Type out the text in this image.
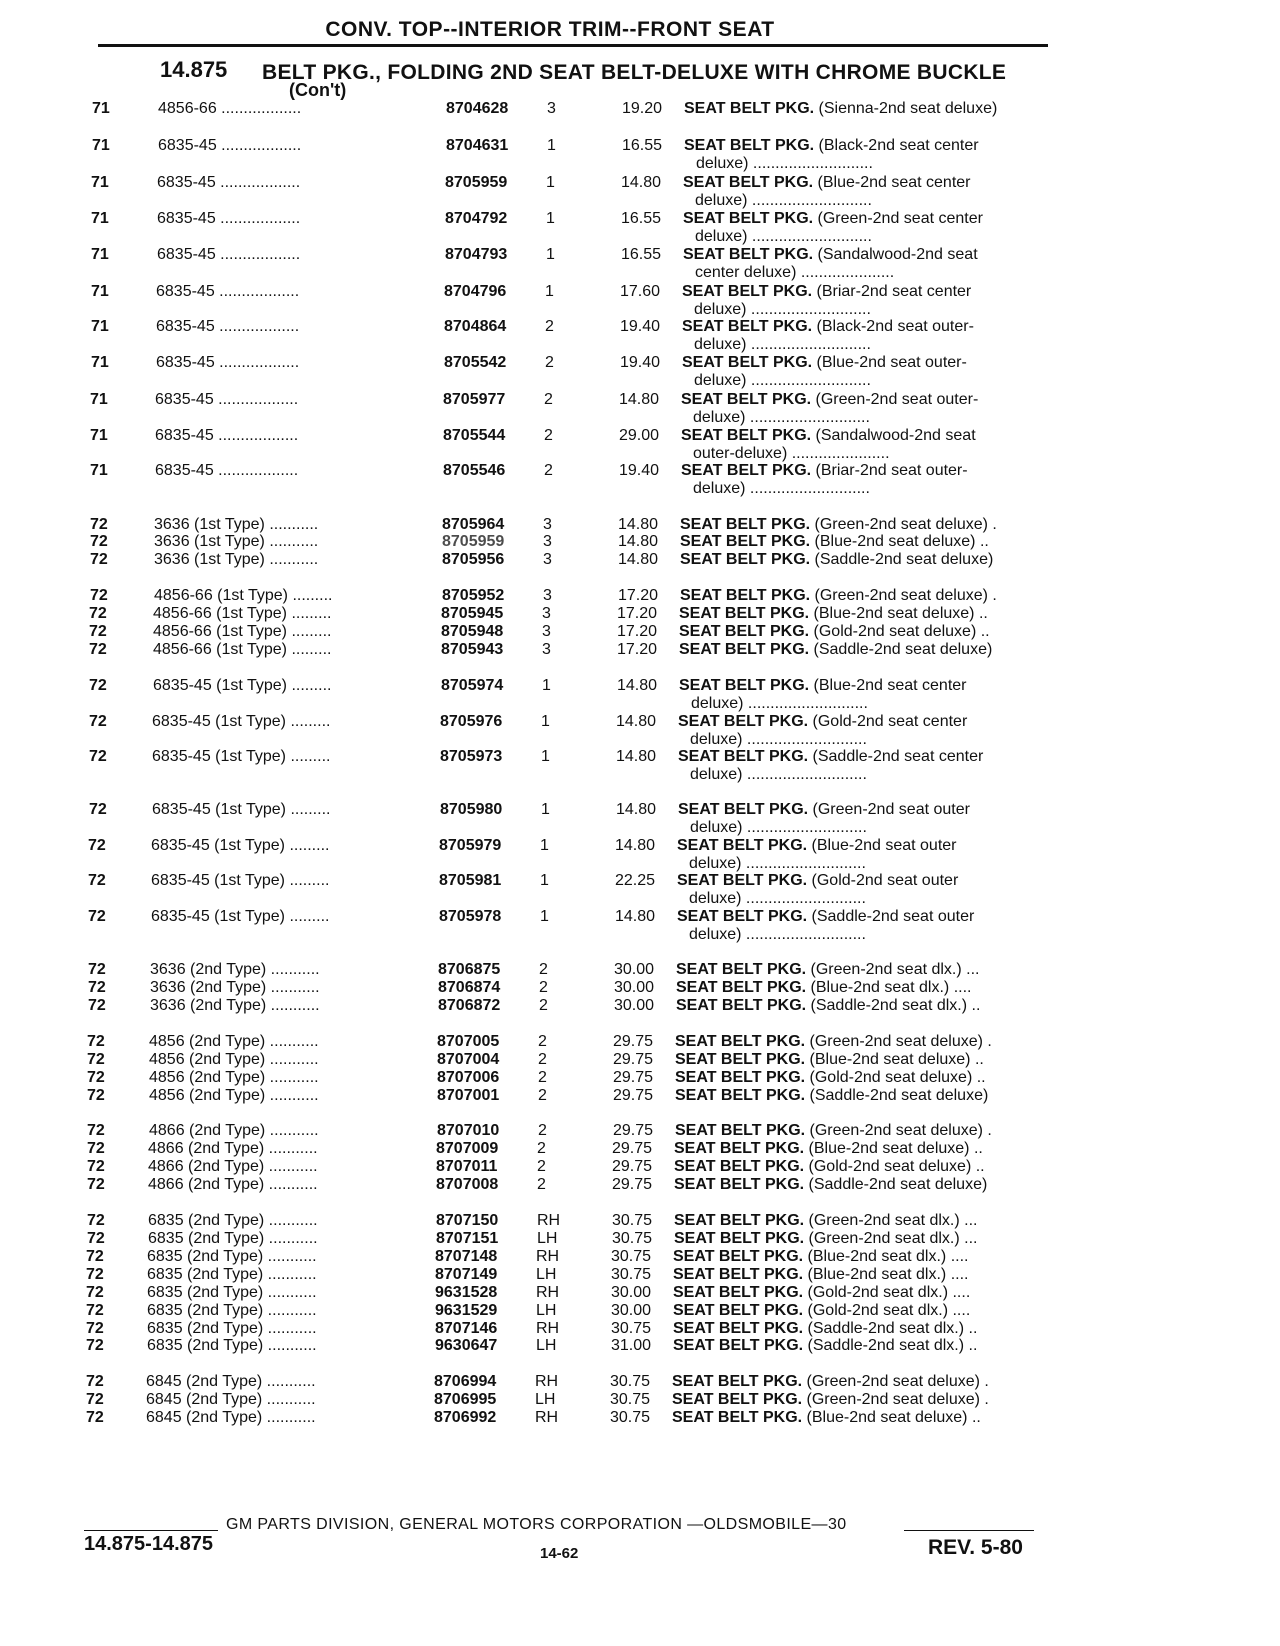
CONV. TOP--INTERIOR TRIM--FRONT SEAT
14.875 BELT PKG., FOLDING 2ND SEAT BELT-DELUXE WITH CHROME BUCKLE
(Con't)
71	4856-66 ..................	8704628 3	19.20 SEAT BELT PKG. (Sienna-2nd seat deluxe)
71	6835-45 ..................	8704631 1	16.55 SEAT BELT PKG. (Black-2nd seat center
deluxe) ...........................
71	6835-45 ..................	8705959 1	14.80 SEAT BELT PKG. (Blue-2nd seat center
deluxe) ...........................
71	6835-45 ..................	8704792 1	16.55 SEAT BELT PKG. (Green-2nd seat center
deluxe) ...........................
71	6835-45 ..................	8704793 1	16.55 SEAT BELT PKG. (Sandalwood-2nd seat
center deluxe) .....................
71	6835-45 ..................	8704796 1	17.60 SEAT BELT PKG. (Briar-2nd seat center
deluxe) ...........................
71	6835-45 ..................	8704864 2	19.40 SEAT BELT PKG. (Black-2nd seat outer-
deluxe) ...........................
71	6835-45 ..................	8705542 2	19.40 SEAT BELT PKG. (Blue-2nd seat outer-
deluxe) ...........................
71	6835-45 ..................	8705977 2	14.80 SEAT BELT PKG. (Green-2nd seat outer-
deluxe) ...........................
71	6835-45 ..................	8705544 2	29.00 SEAT BELT PKG. (Sandalwood-2nd seat
outer-deluxe) ......................
71	6835-45 ..................	8705546 2	19.40 SEAT BELT PKG. (Briar-2nd seat outer-
deluxe) ...........................
72	3636 (1st Type) ...........	8705964 3	14.80 SEAT BELT PKG. (Green-2nd seat deluxe) .
72	3636 (1st Type) ...........	8705959 3	14.80 SEAT BELT PKG. (Blue-2nd seat deluxe) ..
72	3636 (1st Type) ...........	8705956 3	14.80 SEAT BELT PKG. (Saddle-2nd seat deluxe)
72	4856-66 (1st Type) .........	8705952 3	17.20 SEAT BELT PKG. (Green-2nd seat deluxe) .
72	4856-66 (1st Type) .........	8705945 3	17.20 SEAT BELT PKG. (Blue-2nd seat deluxe) ..
72	4856-66 (1st Type) .........	8705948 3	17.20 SEAT BELT PKG. (Gold-2nd seat deluxe) ..
72	4856-66 (1st Type) .........	8705943 3	17.20 SEAT BELT PKG. (Saddle-2nd seat deluxe)
72	6835-45 (1st Type) .........	8705974 1	14.80 SEAT BELT PKG. (Blue-2nd seat center
deluxe) ...........................
72	6835-45 (1st Type) .........	8705976 1	14.80 SEAT BELT PKG. (Gold-2nd seat center
deluxe) ...........................
72	6835-45 (1st Type) .........	8705973 1	14.80 SEAT BELT PKG. (Saddle-2nd seat center
deluxe) ...........................
72	6835-45 (1st Type) .........	8705980 1	14.80 SEAT BELT PKG. (Green-2nd seat outer
deluxe) ...........................
72	6835-45 (1st Type) .........	8705979 1	14.80 SEAT BELT PKG. (Blue-2nd seat outer
deluxe) ...........................
72	6835-45 (1st Type) .........	8705981 1	22.25 SEAT BELT PKG. (Gold-2nd seat outer
deluxe) ...........................
72	6835-45 (1st Type) .........	8705978 1	14.80 SEAT BELT PKG. (Saddle-2nd seat outer
deluxe) ...........................
72	3636 (2nd Type) ...........	8706875 2	30.00 SEAT BELT PKG. (Green-2nd seat dlx.) ...
72	3636 (2nd Type) ...........	8706874 2	30.00 SEAT BELT PKG. (Blue-2nd seat dlx.) ....
72	3636 (2nd Type) ...........	8706872 2	30.00 SEAT BELT PKG. (Saddle-2nd seat dlx.) ..
72	4856 (2nd Type) ...........	8707005 2	29.75 SEAT BELT PKG. (Green-2nd seat deluxe) .
72	4856 (2nd Type) ...........	8707004 2	29.75 SEAT BELT PKG. (Blue-2nd seat deluxe) ..
72	4856 (2nd Type) ...........	8707006 2	29.75 SEAT BELT PKG. (Gold-2nd seat deluxe) ..
72	4856 (2nd Type) ...........	8707001 2	29.75 SEAT BELT PKG. (Saddle-2nd seat deluxe)
72	4866 (2nd Type) ...........	8707010 2	29.75 SEAT BELT PKG. (Green-2nd seat deluxe) .
72	4866 (2nd Type) ...........	8707009 2	29.75 SEAT BELT PKG. (Blue-2nd seat deluxe) ..
72	4866 (2nd Type) ...........	8707011 2	29.75 SEAT BELT PKG. (Gold-2nd seat deluxe) ..
72	4866 (2nd Type) ...........	8707008 2	29.75 SEAT BELT PKG. (Saddle-2nd seat deluxe)
72	6835 (2nd Type) ...........	8707150 RH	30.75 SEAT BELT PKG. (Green-2nd seat dlx.) ...
72	6835 (2nd Type) ...........	8707151 LH	30.75 SEAT BELT PKG. (Green-2nd seat dlx.) ...
72	6835 (2nd Type) ...........	8707148 RH	30.75 SEAT BELT PKG. (Blue-2nd seat dlx.) ....
72	6835 (2nd Type) ...........	8707149 LH	30.75 SEAT BELT PKG. (Blue-2nd seat dlx.) ....
72	6835 (2nd Type) ...........	9631528 RH	30.00 SEAT BELT PKG. (Gold-2nd seat dlx.) ....
72	6835 (2nd Type) ...........	9631529 LH	30.00 SEAT BELT PKG. (Gold-2nd seat dlx.) ....
72	6835 (2nd Type) ...........	8707146 RH	30.75 SEAT BELT PKG. (Saddle-2nd seat dlx.) ..
72	6835 (2nd Type) ...........	9630647 LH	31.00 SEAT BELT PKG. (Saddle-2nd seat dlx.) ..
72	6845 (2nd Type) ...........	8706994 RH	30.75 SEAT BELT PKG. (Green-2nd seat deluxe) .
72	6845 (2nd Type) ...........	8706995 LH	30.75 SEAT BELT PKG. (Green-2nd seat deluxe) .
72	6845 (2nd Type) ...........	8706992 RH	30.75 SEAT BELT PKG. (Blue-2nd seat deluxe) ..
GM PARTS DIVISION, GENERAL MOTORS CORPORATION —OLDSMOBILE—30
14.875-14.875	14-62	REV. 5-80
